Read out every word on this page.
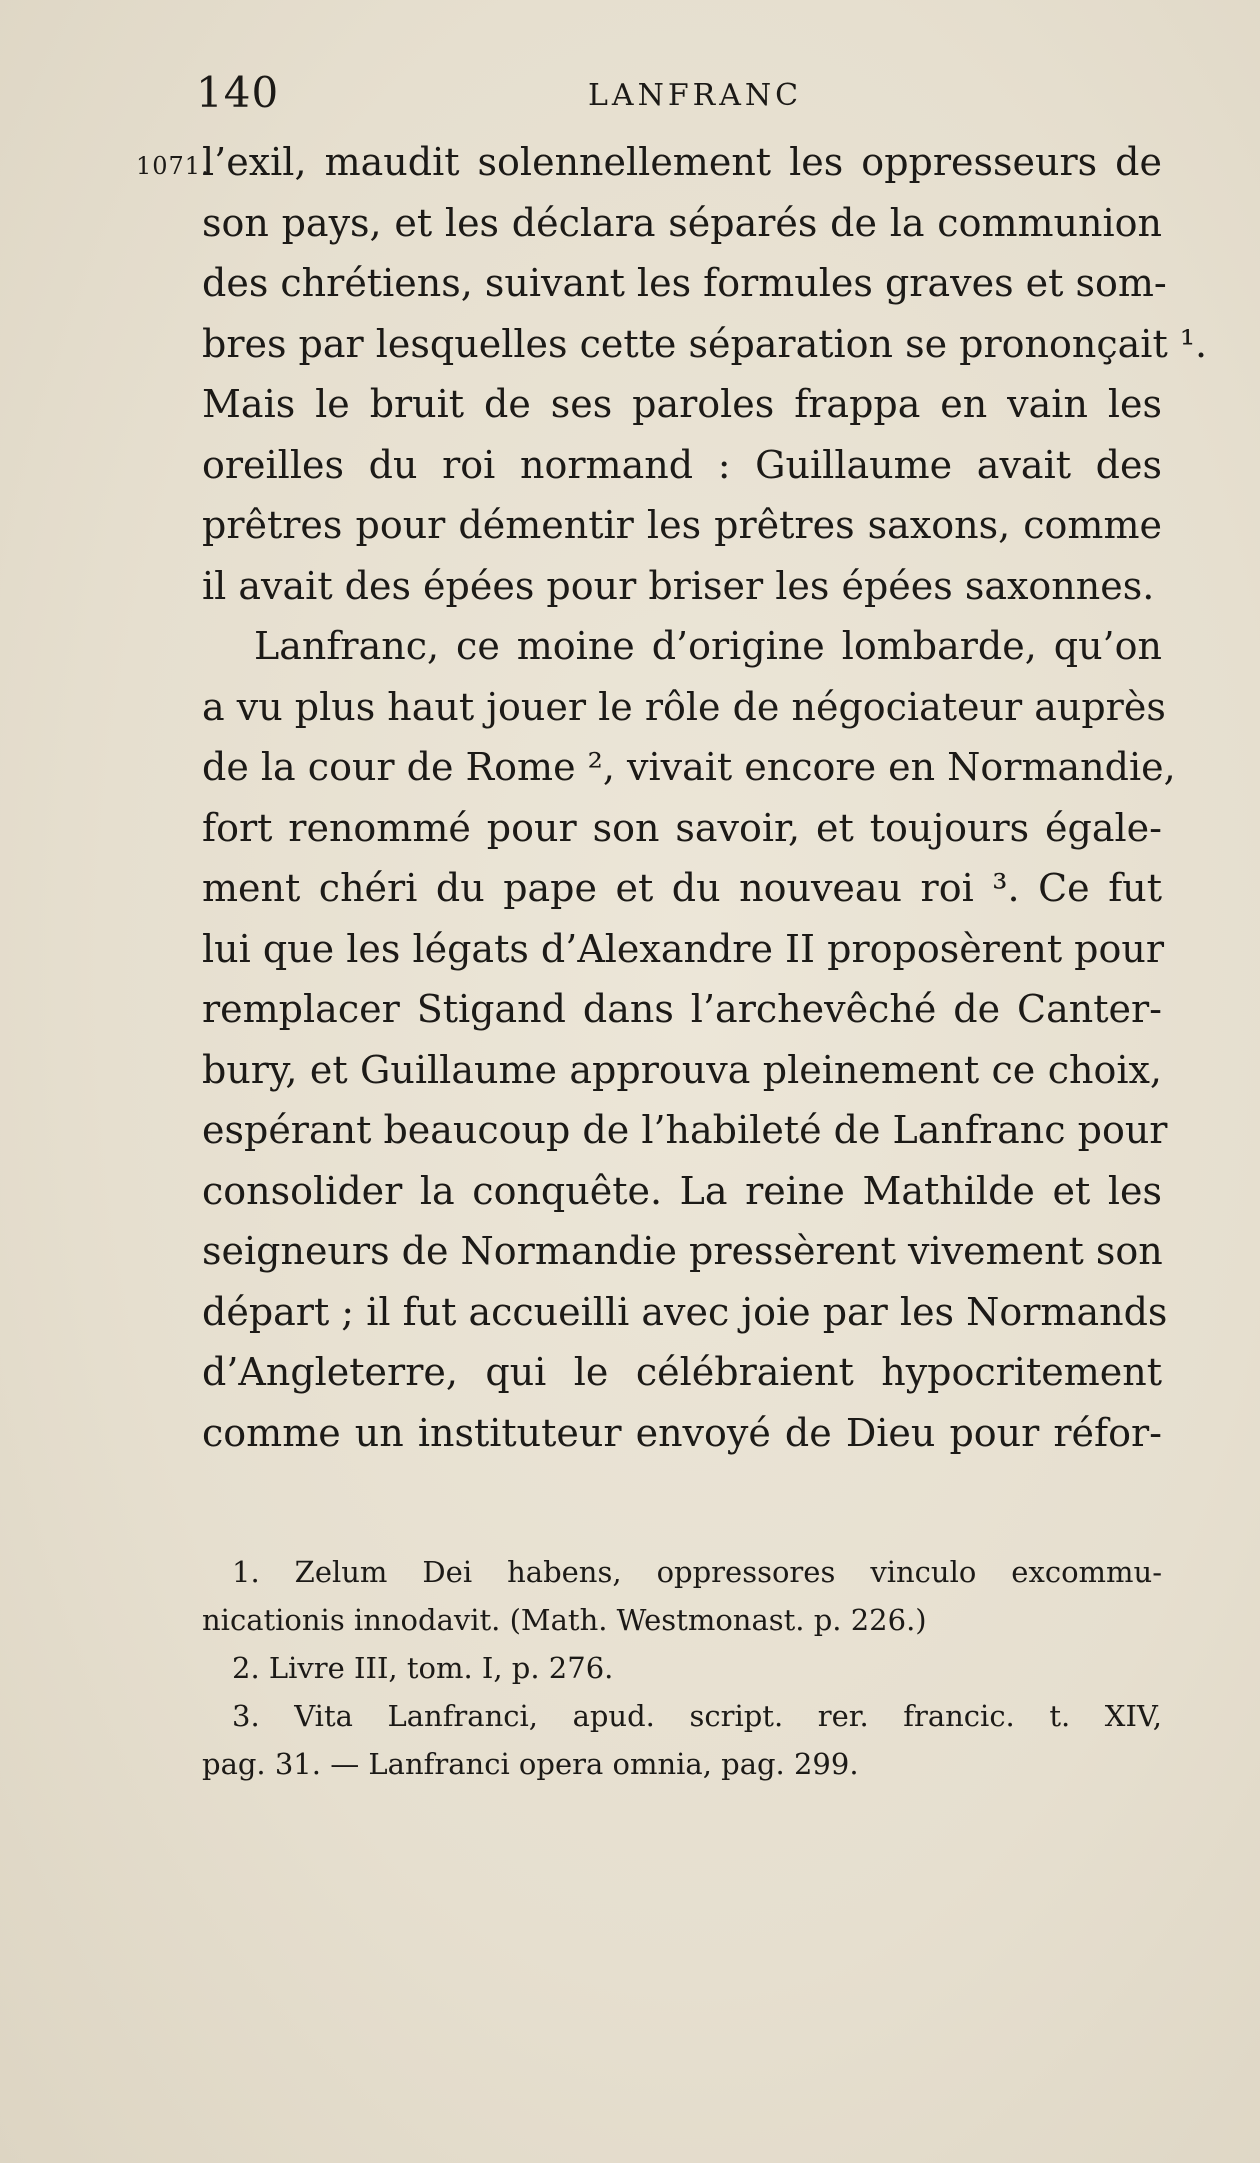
140	LANFRANC
1071.
l’exil, maudit solennellement les oppresseurs de
son pays, et les déclara séparés de la communion
des chrétiens, suivant les formules graves et som-
bres par lesquelles cette séparation se prononçait ¹.
Mais le bruit de ses paroles frappa en vain les
oreilles du roi normand : Guillaume avait des
prêtres pour démentir les prêtres saxons, comme
il avait des épées pour briser les épées saxonnes.
Lanfranc, ce moine d’origine lombarde, qu’on
a vu plus haut jouer le rôle de négociateur auprès
de la cour de Rome ², vivait encore en Normandie,
fort renommé pour son savoir, et toujours égale-
ment chéri du pape et du nouveau roi ³. Ce fut
lui que les légats d’Alexandre II proposèrent pour
remplacer Stigand dans l’archevêché de Canter-
bury, et Guillaume approuva pleinement ce choix,
espérant beaucoup de l’habileté de Lanfranc pour
consolider la conquête. La reine Mathilde et les
seigneurs de Normandie pressèrent vivement son
départ ; il fut accueilli avec joie par les Normands
d’Angleterre, qui le célébraient hypocritement
comme un instituteur envoyé de Dieu pour réfor-
1. Zelum Dei habens, oppressores vinculo excommu-
nicationis innodavit. (Math. Westmonast. p. 226.)
2. Livre III, tom. I, p. 276.
3. Vita Lanfranci, apud. script. rer. francic. t. XIV,
pag. 31. — Lanfranci opera omnia, pag. 299.
